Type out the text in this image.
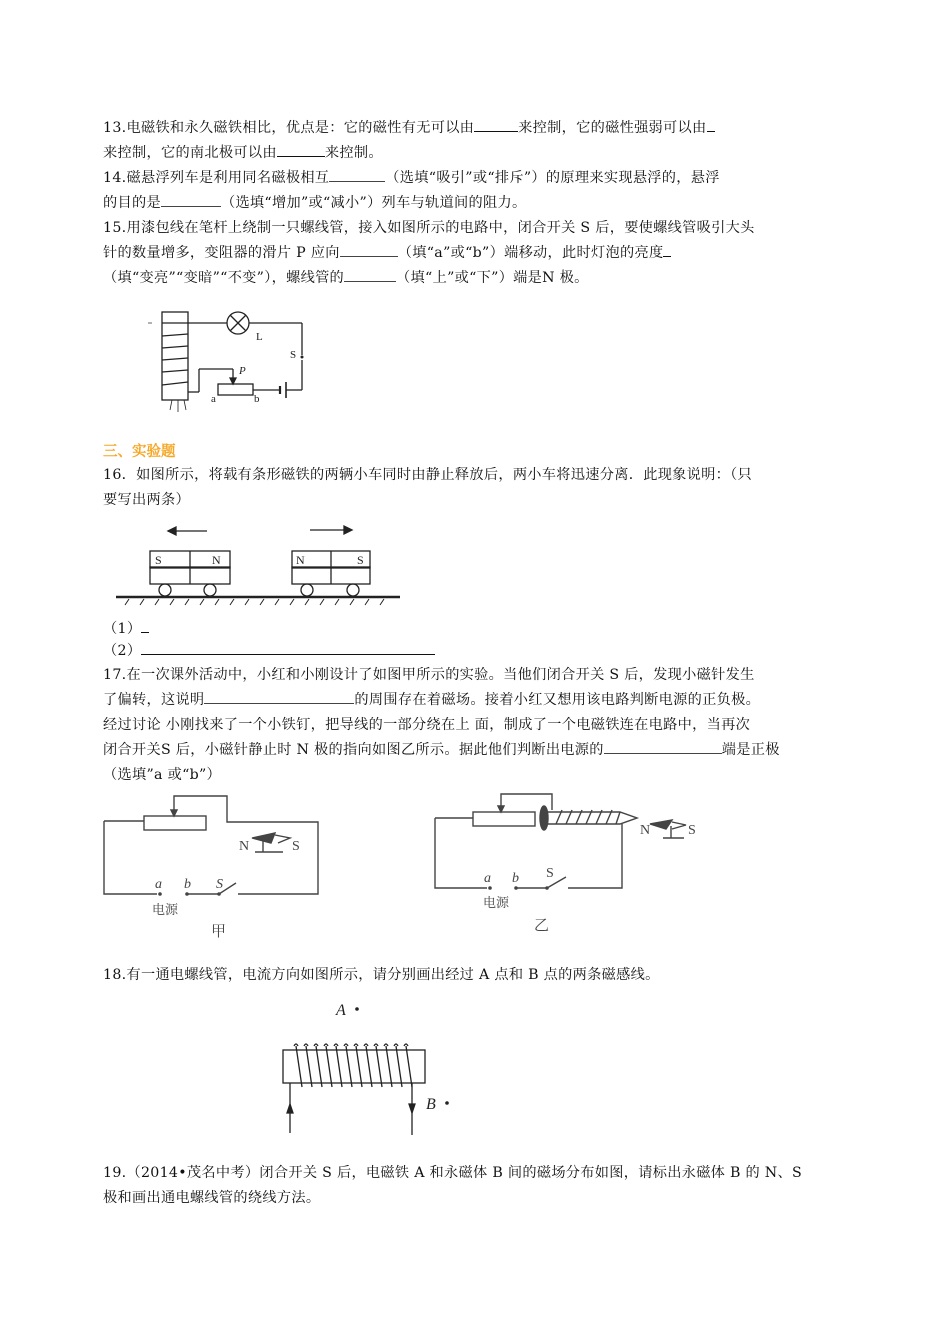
13.电磁铁和永久磁铁相比，优点是：它的磁性有无可以由	来控制，它的磁性强弱可以由
来控制，它的南北极可以由	来控制。
14.磁悬浮列车是利用同名磁极相互	（选填“吸引”或“排斥”）的原理来实现悬浮的，悬浮
的目的是	（选填“增加”或“减小”）列车与轨道间的阻力。
15.用漆包线在笔杆上绕制一只螺线管，接入如图所示的电路中，闭合开关 S 后，要使螺线管吸引大头
针的数量增多，变阻器的滑片 P 应向	（填“a”或“b”）端移动，此时灯泡的亮度
（填“变亮”“变暗”“不变”），螺线管的	（填“上”或“下”）端是N 极。
L
S
P
a	b
三、实验题
16．如图所示，将载有条形磁铁的两辆小车同时由静止释放后，两小车将迅速分离．此现象说明：（只
要写出两条）
S	N	N	S
（1）
（2）
17.在一次课外活动中，小红和小刚设计了如图甲所示的实验。当他们闭合开关 S 后，发现小磁针发生
了偏转，这说明	的周围存在着磁场。接着小红又想用该电路判断电源的正负极。
经过讨论 小刚找来了一个小铁钉，把导线的一部分绕在上 面，制成了一个电磁铁连在电路中，当再次
闭合开关S 后，小磁针静止时 N 极的指向如图乙所示。据此他们判断出电源的	端是正极
（选填”a 或“b”）
N	S
a b S
电源
甲
N	S
a b S
电源
乙
18.有一通电螺线管，电流方向如图所示，请分别画出经过 A 点和 B 点的两条磁感线。
A
B
19.（2014•茂名中考）闭合开关 S 后，电磁铁 A 和永磁体 B 间的磁场分布如图，请标出永磁体 B 的 N、S
极和画出通电螺线管的绕线方法。
